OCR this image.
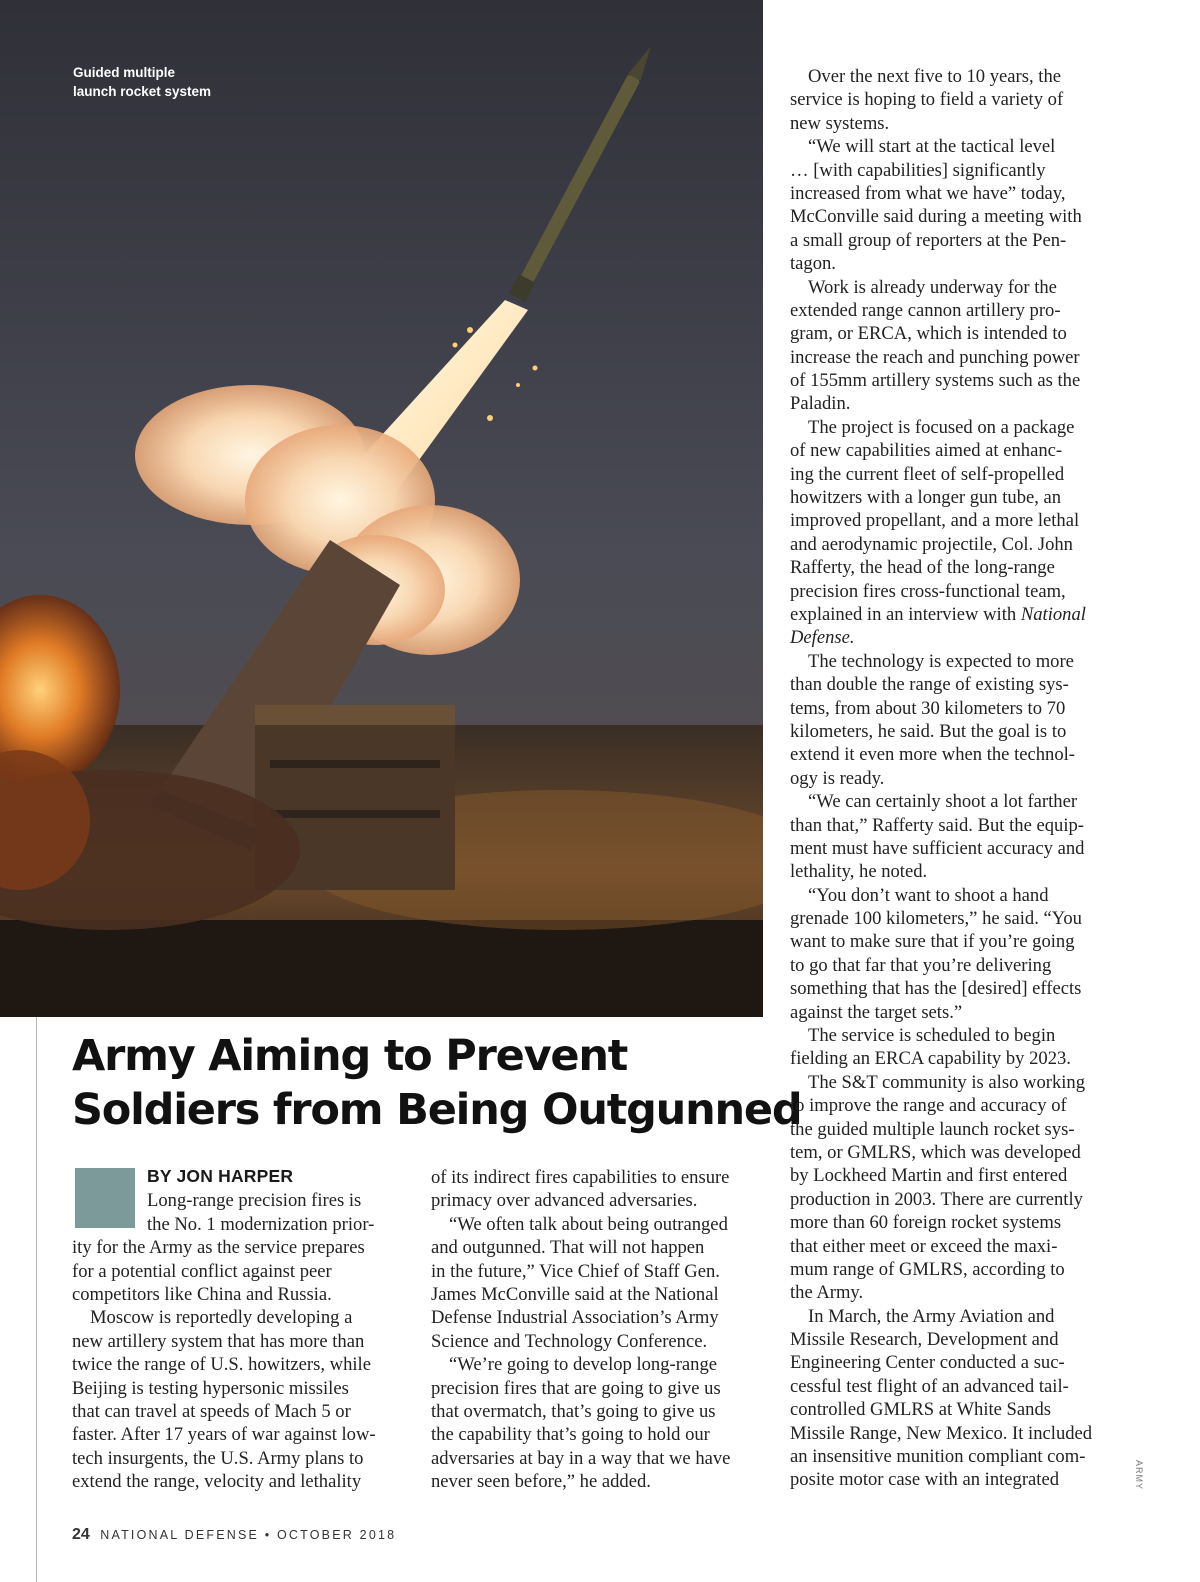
Guided multiple
launch rocket system
Army Aiming to Prevent
Soldiers from Being Outgunned
BY JON HARPER
Long-range precision fires is
the No. 1 modernization prior-
ity for the Army as the service prepares
for a potential conflict against peer
competitors like China and Russia.
Moscow is reportedly developing a
new artillery system that has more than
twice the range of U.S. howitzers, while
Beijing is testing hypersonic missiles
that can travel at speeds of Mach 5 or
faster. After 17 years of war against low-
tech insurgents, the U.S. Army plans to
extend the range, velocity and lethality
of its indirect fires capabilities to ensure
primacy over advanced adversaries.
“We often talk about being outranged
and outgunned. That will not happen
in the future,” Vice Chief of Staff Gen.
James McConville said at the National
Defense Industrial Association’s Army
Science and Technology Conference.
“We’re going to develop long-range
precision fires that are going to give us
that overmatch, that’s going to give us
the capability that’s going to hold our
adversaries at bay in a way that we have
never seen before,” he added.
Over the next five to 10 years, the
service is hoping to field a variety of
new systems.
“We will start at the tactical level
… [with capabilities] significantly
increased from what we have” today,
McConville said during a meeting with
a small group of reporters at the Pen-
tagon.
Work is already underway for the
extended range cannon artillery pro-
gram, or ERCA, which is intended to
increase the reach and punching power
of 155mm artillery systems such as the
Paladin.
The project is focused on a package
of new capabilities aimed at enhanc-
ing the current fleet of self-propelled
howitzers with a longer gun tube, an
improved propellant, and a more lethal
and aerodynamic projectile, Col. John
Rafferty, the head of the long-range
precision fires cross-functional team,
explained in an interview with National
Defense.
The technology is expected to more
than double the range of existing sys-
tems, from about 30 kilometers to 70
kilometers, he said. But the goal is to
extend it even more when the technol-
ogy is ready.
“We can certainly shoot a lot farther
than that,” Rafferty said. But the equip-
ment must have sufficient accuracy and
lethality, he noted.
“You don’t want to shoot a hand
grenade 100 kilometers,” he said. “You
want to make sure that if you’re going
to go that far that you’re delivering
something that has the [desired] effects
against the target sets.”
The service is scheduled to begin
fielding an ERCA capability by 2023.
The S&T community is also working
to improve the range and accuracy of
the guided multiple launch rocket sys-
tem, or GMLRS, which was developed
by Lockheed Martin and first entered
production in 2003. There are currently
more than 60 foreign rocket systems
that either meet or exceed the maxi-
mum range of GMLRS, according to
the Army.
In March, the Army Aviation and
Missile Research, Development and
Engineering Center conducted a suc-
cessful test flight of an advanced tail-
controlled GMLRS at White Sands
Missile Range, New Mexico. It included
an insensitive munition compliant com-
posite motor case with an integrated
24 NATIONAL DEFENSE • OCTOBER 2018
ARMY
